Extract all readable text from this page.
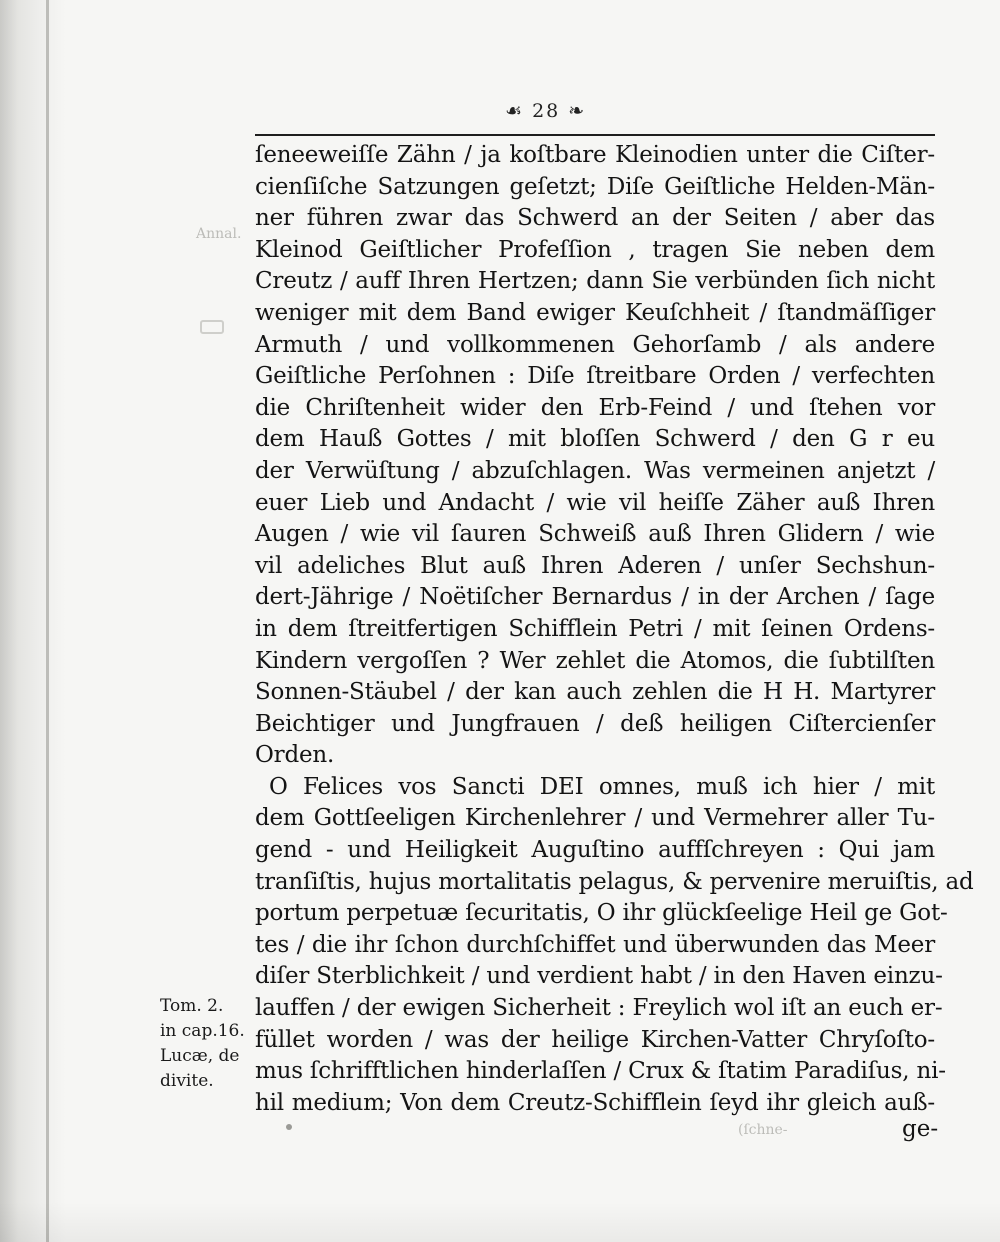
Annal.
(ſchne-
☙ 28 ❧
ſeneeweiſſe Zähn / ja koſtbare Kleinodien unter die Ciſter-
cienſiſche Satzungen geſetzt; Diſe Geiſtliche Helden-Män-
ner führen zwar das Schwerd an der Seiten / aber das
Kleinod Geiſtlicher Profeſſion , tragen Sie neben dem
Creutz / auff Ihren Hertzen; dann Sie verbünden ſich nicht
weniger mit dem Band ewiger Keuſchheit / ſtandmäſſiger
Armuth / und vollkommenen Gehorſamb / als andere
Geiſtliche Perſohnen : Diſe ſtreitbare Orden / verfechten
die Chriſtenheit wider den Erb-Feind / und ſtehen vor
dem Hauß Gottes / mit bloſſen Schwerd / den G r eu
der Verwüſtung / abzuſchlagen. Was vermeinen anjetzt /
euer Lieb und Andacht / wie vil heiſſe Zäher auß Ihren
Augen / wie vil ſauren Schweiß auß Ihren Glidern / wie
vil adeliches Blut auß Ihren Aderen / unſer Sechshun-
dert-Jährige / Noëtiſcher Bernardus / in der Archen / ſage
in dem ſtreitfertigen Schifflein Petri / mit ſeinen Ordens-
Kindern vergoſſen ? Wer zehlet die Atomos, die ſubtilſten
Sonnen-Stäubel / der kan auch zehlen die H H. Martyrer
Beichtiger und Jungfrauen / deß heiligen Ciſtercienſer
Orden.
O Felices vos Sancti DEI omnes, muß ich hier / mit
dem Gottſeeligen Kirchenlehrer / und Vermehrer aller Tu-
gend - und Heiligkeit Auguſtino auffſchreyen : Qui jam
tranſiſtis, hujus mortalitatis pelagus, & pervenire meruiſtis, ad
portum perpetuæ ſecuritatis, O ihr glückſeelige Heil ge Got-
tes / die ihr ſchon durchſchiffet und überwunden das Meer
diſer Sterblichkeit / und verdient habt / in den Haven einzu-
lauffen / der ewigen Sicherheit : Freylich wol iſt an euch er-
füllet worden / was der heilige Kirchen-Vatter Chryſoſto-
mus ſchrifftlichen hinderlaſſen / Crux & ſtatim Paradiſus, ni-
hil medium; Von dem Creutz-Schifflein ſeyd ihr gleich auß-
Tom. 2.
in cap.16.
Lucæ, de
divite.
ge-
